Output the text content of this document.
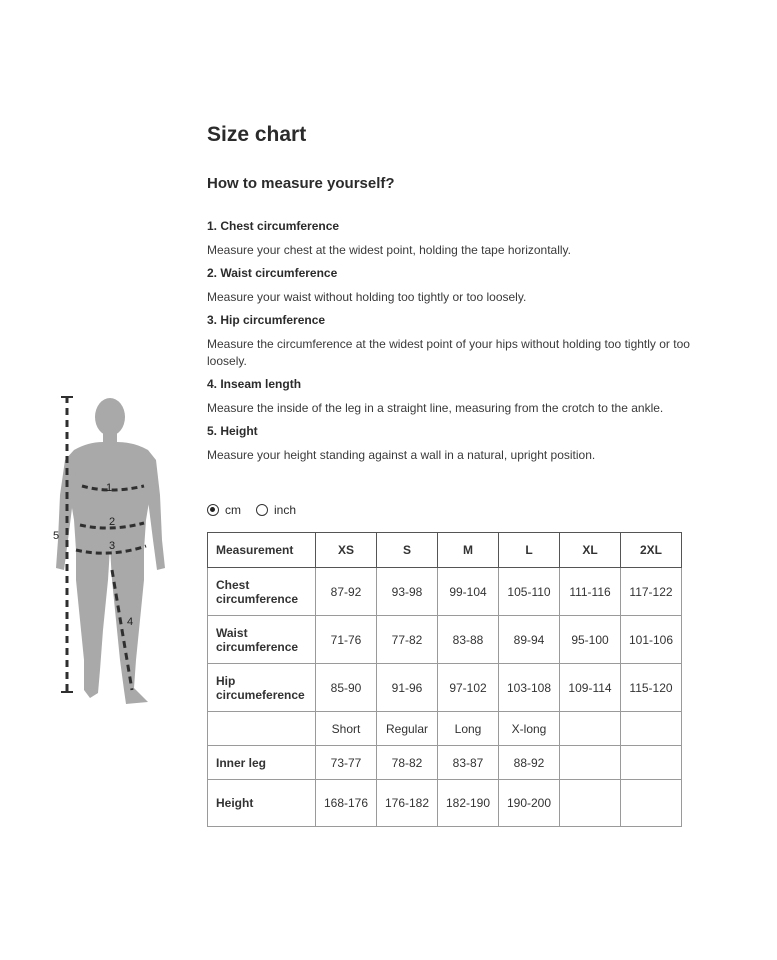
Size chart
How to measure yourself?
1. Chest circumference
Measure your chest at the widest point, holding the tape horizontally.
2. Waist circumference
Measure your waist without holding too tightly or too loosely.
3. Hip circumference
Measure the circumference at the widest point of your hips without holding too tightly or too loosely.
4. Inseam length
Measure the inside of the leg in a straight line, measuring from the crotch to the ankle.
5. Height
Measure your height standing against a wall in a natural, upright position.
1
2
3
4
5
cm	inch
Measurement	XS	S	M	L	XL	2XL
Chest circumference	87-92	93-98	99-104	105-110	111-116	117-122
Waist circumference	71-76	77-82	83-88	89-94	95-100	101-106
Hip circumeference	85-90	91-96	97-102	103-108	109-114	115-120
	Short	Regular	Long	X-long		
Inner leg	73-77	78-82	83-87	88-92		
Height	168-176	176-182	182-190	190-200		
